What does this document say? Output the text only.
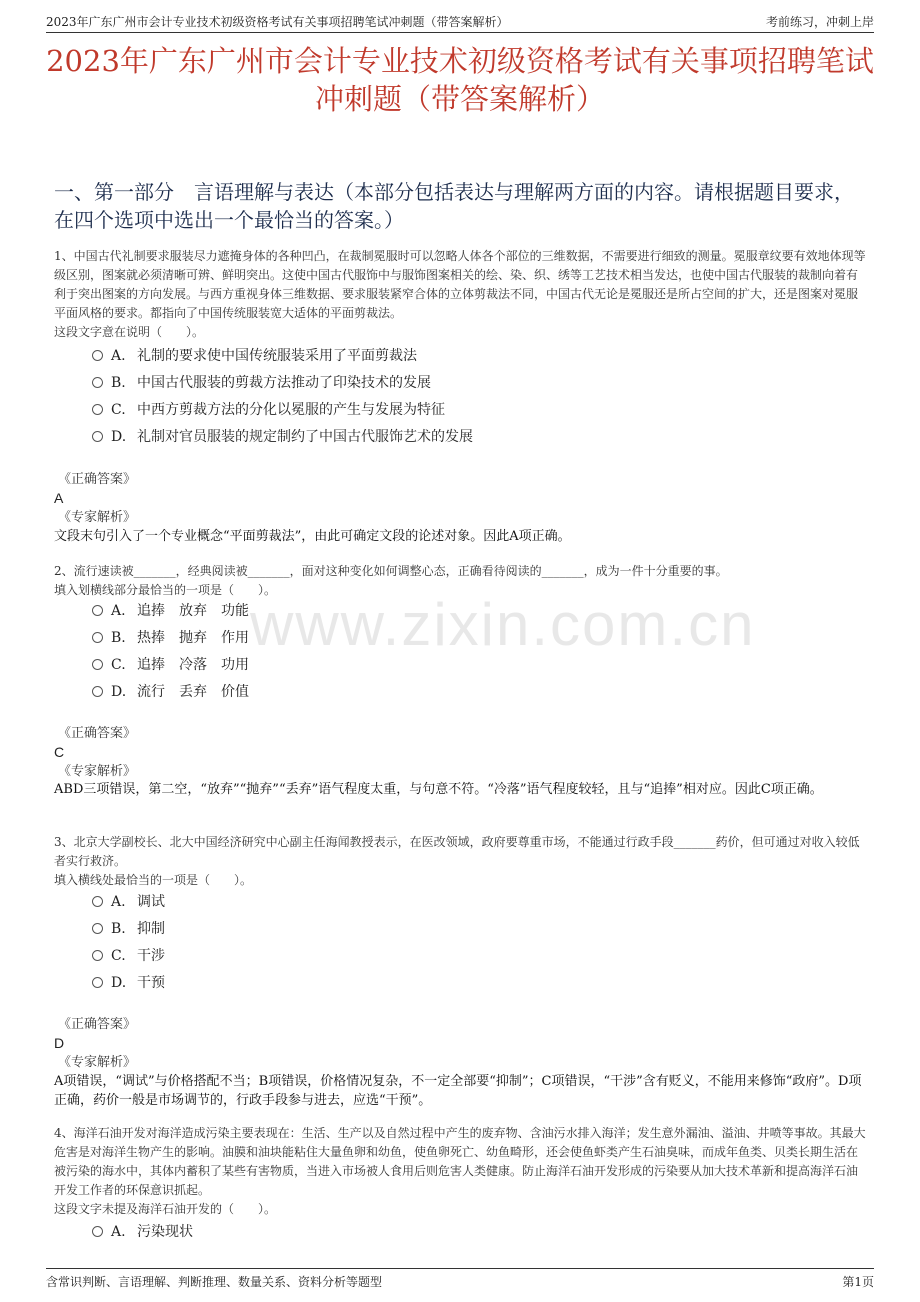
2023年广东广州市会计专业技术初级资格考试有关事项招聘笔试冲刺题（带答案解析）	考前练习，冲刺上岸
www.zixin.com.cn
2023年广东广州市会计专业技术初级资格考试有关事项招聘笔试冲刺题（带答案解析）
一、第一部分　言语理解与表达（本部分包括表达与理解两方面的内容。请根据题目要求，在四个选项中选出一个最恰当的答案。）
1、中国古代礼制要求服装尽力遮掩身体的各种凹凸，在裁制冕服时可以忽略人体各个部位的三维数据，不需要进行细致的测量。冕服章纹要有效地体现等级区别，图案就必须清晰可辨、鲜明突出。这使中国古代服饰中与服饰图案相关的绘、染、织、绣等工艺技术相当发达，也使中国古代服装的裁制向着有利于突出图案的方向发展。与西方重视身体三维数据、要求服装紧窄合体的立体剪裁法不同，中国古代无论是冕服还是所占空间的扩大，还是图案对冕服平面风格的要求。都指向了中国传统服装宽大适体的平面剪裁法。
这段文字意在说明（　　）。
A. 礼制的要求使中国传统服装采用了平面剪裁法
B. 中国古代服装的剪裁方法推动了印染技术的发展
C. 中西方剪裁方法的分化以冕服的产生与发展为特征
D. 礼制对官员服装的规定制约了中国古代服饰艺术的发展
《正确答案》
A
《专家解析》
文段末句引入了一个专业概念“平面剪裁法”，由此可确定文段的论述对象。因此A项正确。
2、流行速读被_______，经典阅读被_______，面对这种变化如何调整心态，正确看待阅读的_______，成为一件十分重要的事。
填入划横线部分最恰当的一项是（　　）。
A. 追捧　放弃　功能
B. 热捧　抛弃　作用
C. 追捧　冷落　功用
D. 流行　丢弃　价值
《正确答案》
C
《专家解析》
ABD三项错误，第二空，“放弃”“抛弃”“丢弃”语气程度太重，与句意不符。“冷落”语气程度较轻，且与“追捧”相对应。因此C项正确。
3、北京大学副校长、北大中国经济研究中心副主任海闻教授表示，在医改领域，政府要尊重市场，不能通过行政手段_______药价，但可通过对收入较低者实行救济。
填入横线处最恰当的一项是（　　）。
A. 调试
B. 抑制
C. 干涉
D. 干预
《正确答案》
D
《专家解析》
A项错误，“调试”与价格搭配不当；B项错误，价格情况复杂，不一定全部要“抑制”；C项错误，“干涉”含有贬义，不能用来修饰“政府”。D项正确，药价一般是市场调节的，行政手段参与进去，应选“干预”。
4、海洋石油开发对海洋造成污染主要表现在：生活、生产以及自然过程中产生的废弃物、含油污水排入海洋；发生意外漏油、溢油、井喷等事故。其最大危害是对海洋生物产生的影响。油膜和油块能粘住大量鱼卵和幼鱼，使鱼卵死亡、幼鱼畸形，还会使鱼虾类产生石油臭味，而成年鱼类、贝类长期生活在被污染的海水中，其体内蓄积了某些有害物质，当进入市场被人食用后则危害人类健康。防止海洋石油开发形成的污染要从加大技术革新和提高海洋石油开发工作者的环保意识抓起。
这段文字未提及海洋石油开发的（　　）。
A. 污染现状
含常识判断、言语理解、判断推理、数量关系、资料分析等题型	第1页
